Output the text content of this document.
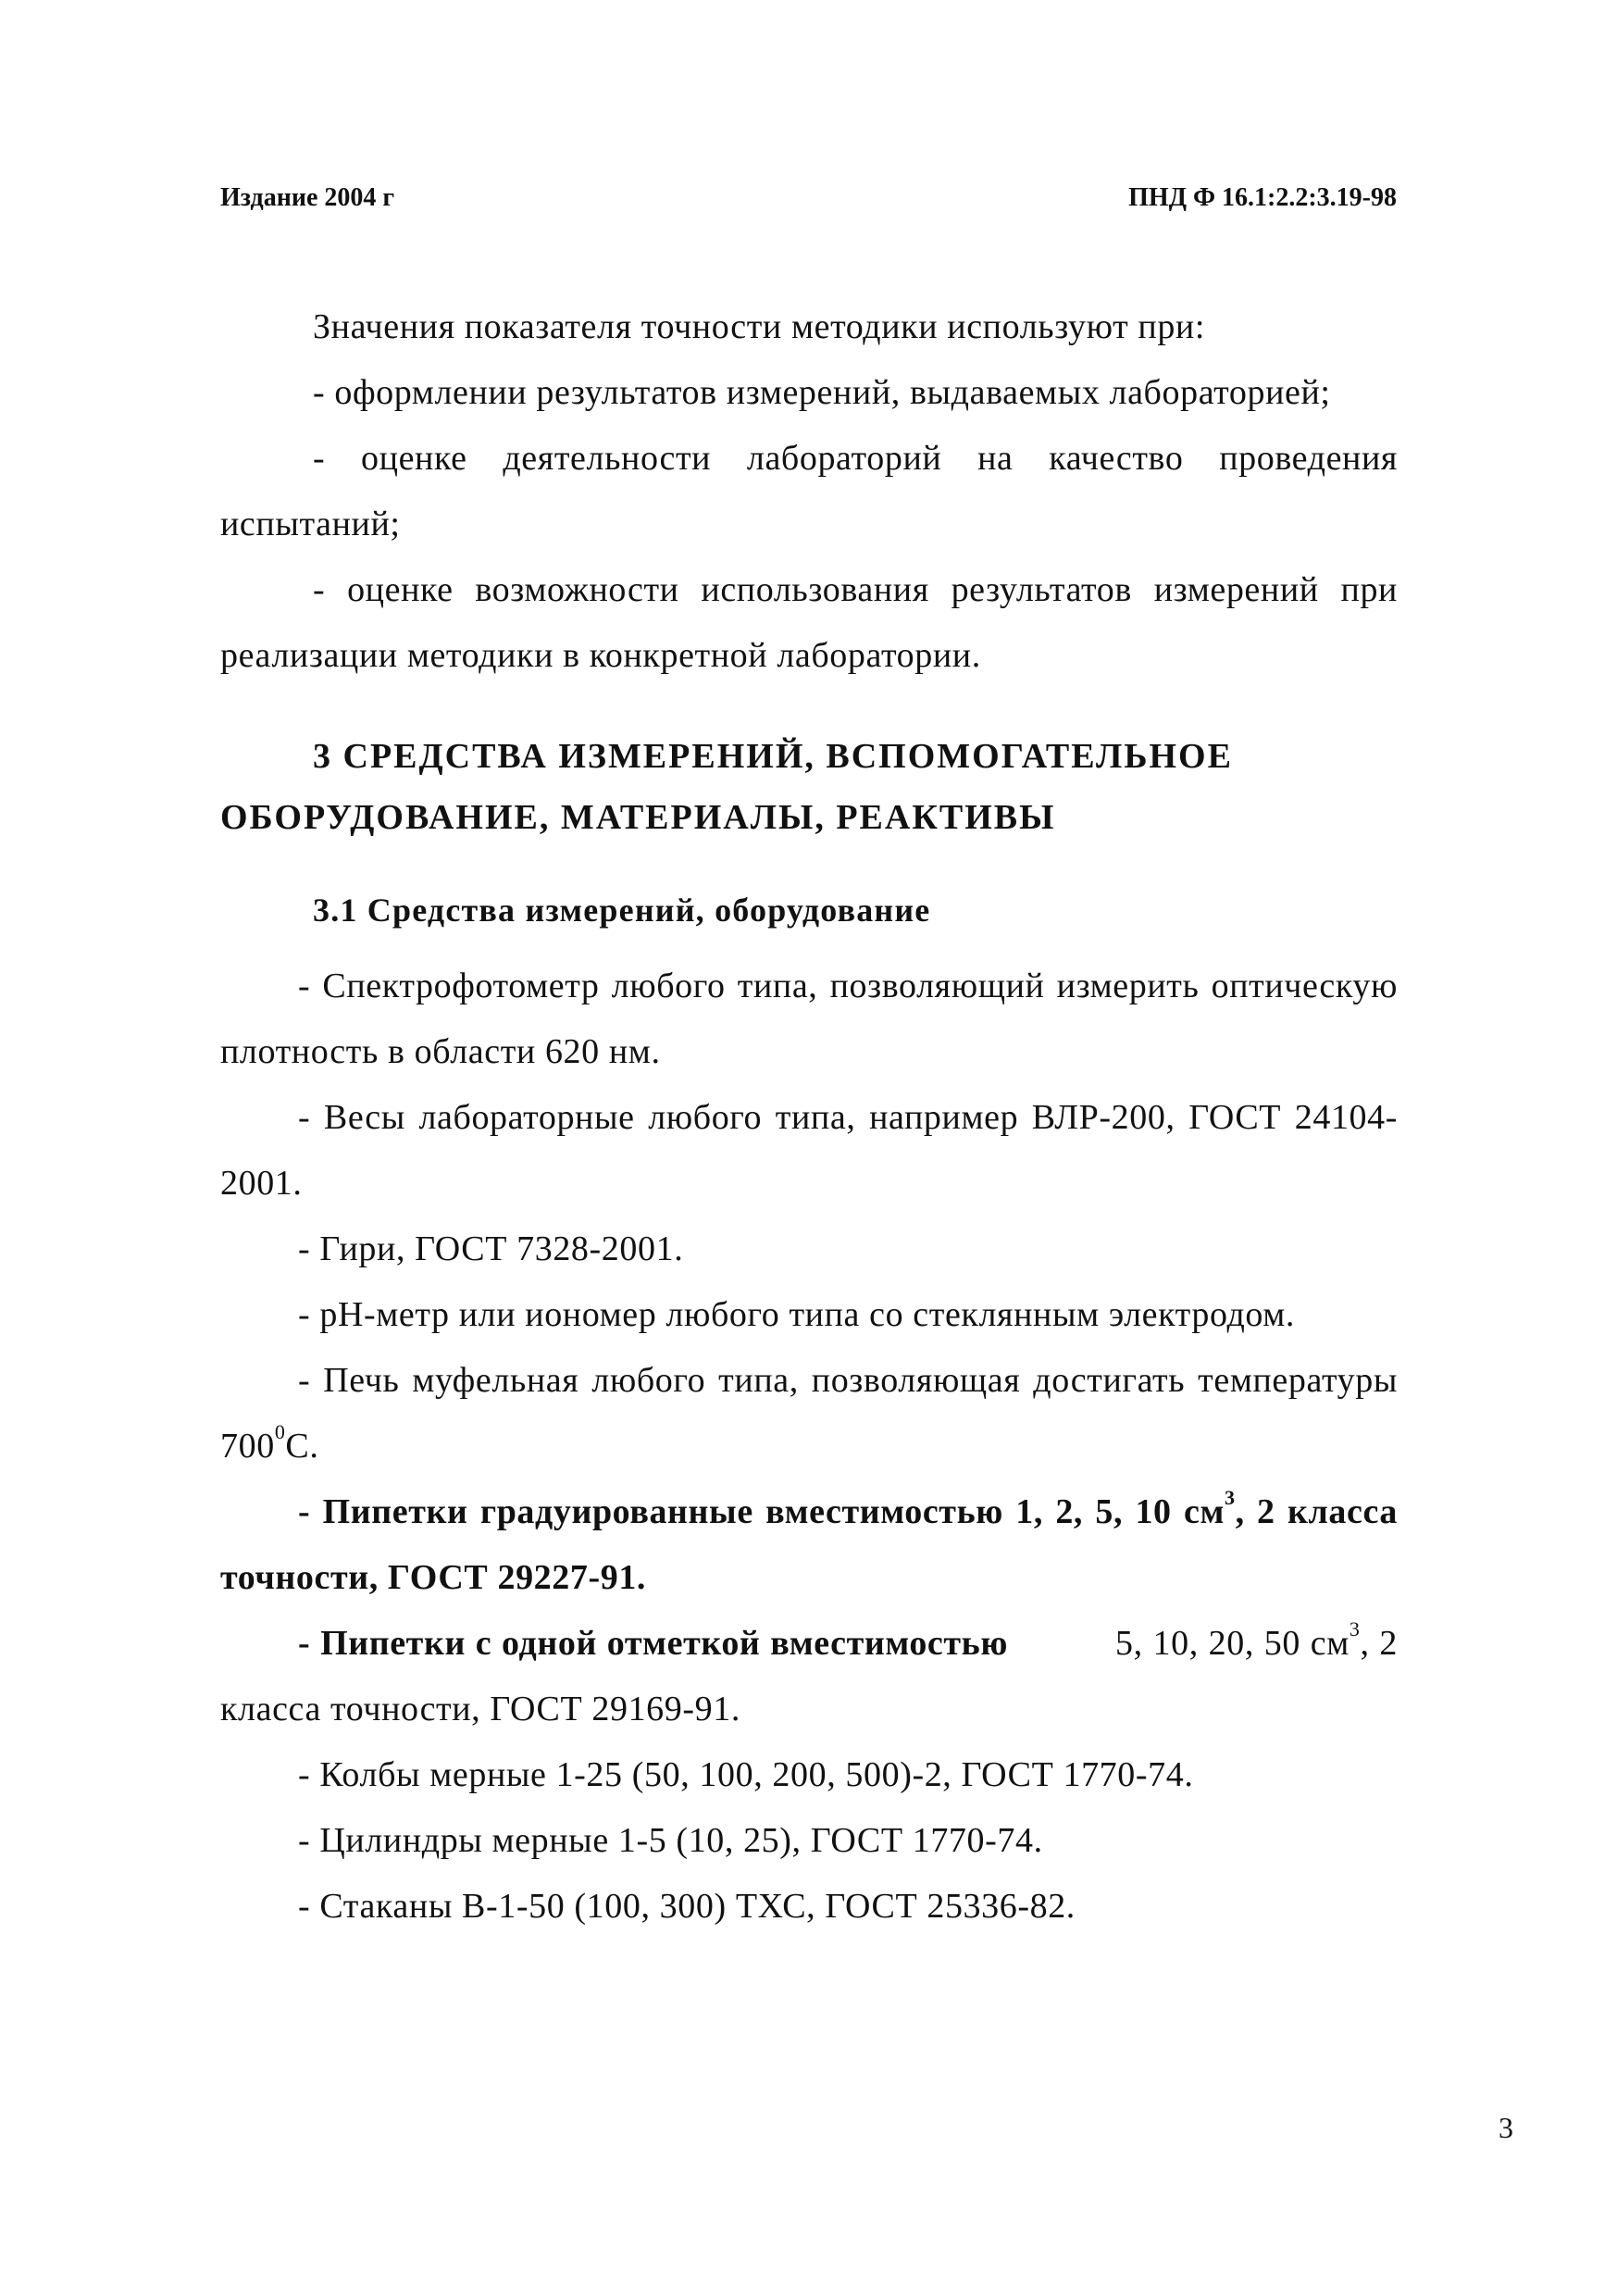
Издание 2004 г	ПНД Ф 16.1:2.2:3.19-98

Значения показателя точности методики используют при:

- оформлении результатов измерений, выдаваемых лабораторией;

- оценке деятельности лабораторий на качество проведения испытаний;

- оценке возможности использования результатов измерений при реализации методики в конкретной лаборатории.

3 СРЕДСТВА ИЗМЕРЕНИЙ, ВСПОМОГАТЕЛЬНОЕ ОБОРУДОВАНИЕ, МАТЕРИАЛЫ, РЕАКТИВЫ

3.1 Средства измерений, оборудование

- Спектрофотометр любого типа, позволяющий измерить оптическую плотность в области 620 нм.

- Весы лабораторные любого типа, например ВЛР-200, ГОСТ 24104-2001.

- Гири, ГОСТ 7328-2001.

- рН-метр или иономер любого типа со стеклянным электродом.

- Печь муфельная любого типа, позволяющая достигать температуры $700^0С$.

- Пипетки градуированные вместимостью 1, 2, 5, 10 $см^3$, 2 класса точности, ГОСТ 29227-91.

- Пипетки с одной отметкой вместимостью	5, 10, 20, 50 $см^3$, 2 класса точности, ГОСТ 29169-91.

- Колбы мерные 1-25 (50, 100, 200, 500)-2, ГОСТ 1770-74.

- Цилиндры мерные 1-5 (10, 25), ГОСТ 1770-74.

- Стаканы В-1-50 (100, 300) ТХС, ГОСТ 25336-82.

3
